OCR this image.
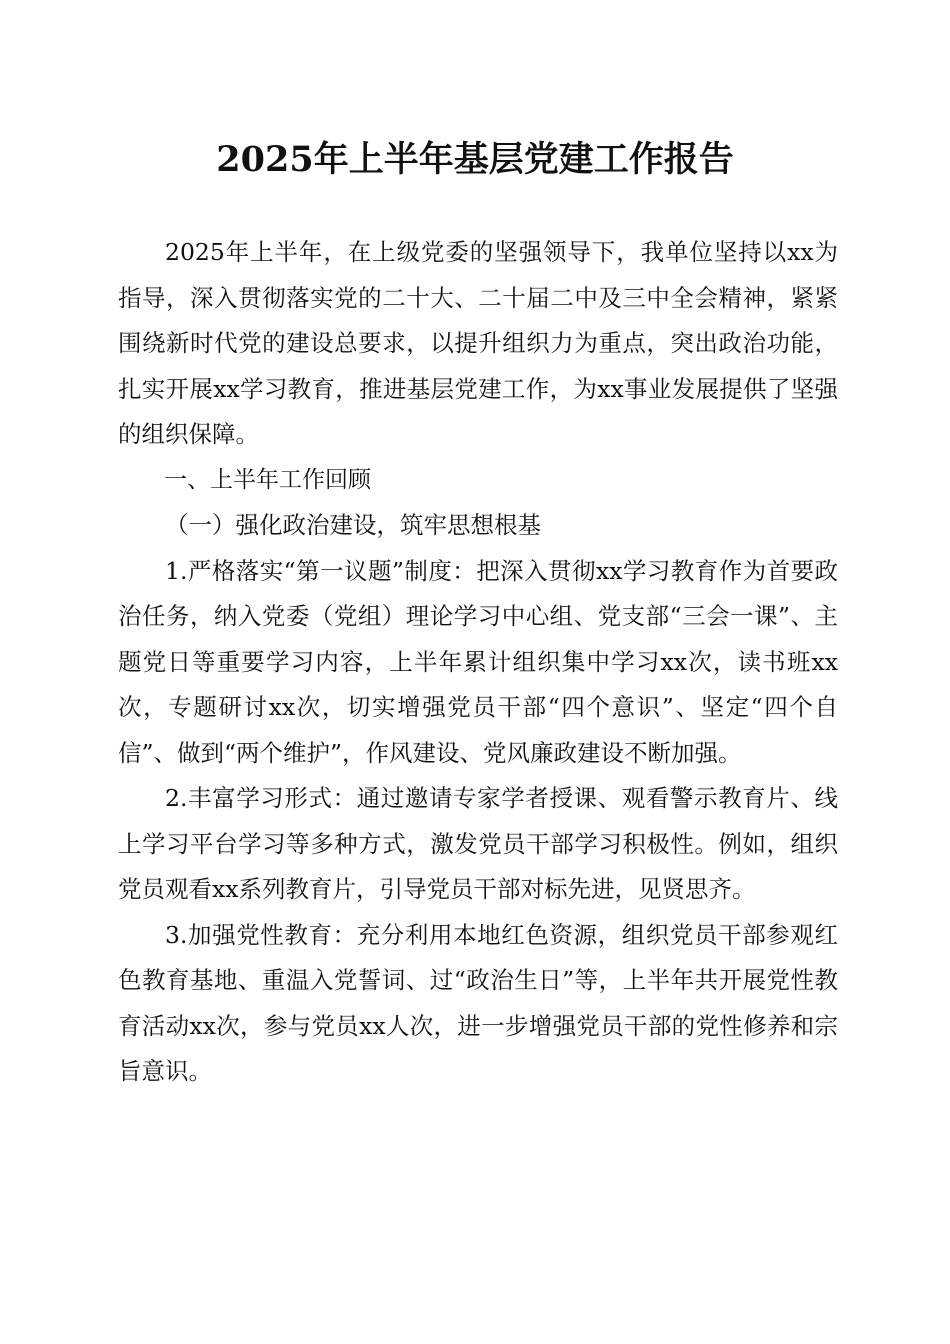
2025年上半年基层党建工作报告

2025年上半年，在上级党委的坚强领导下，我单位坚持以xx为指导，深入贯彻落实党的二十大、二十届二中及三中全会精神，紧紧围绕新时代党的建设总要求，以提升组织力为重点，突出政治功能，扎实开展xx学习教育，推进基层党建工作，为xx事业发展提供了坚强的组织保障。

一、上半年工作回顾

（一）强化政治建设，筑牢思想根基

1.严格落实“第一议题”制度：把深入贯彻xx学习教育作为首要政治任务，纳入党委（党组）理论学习中心组、党支部“三会一课”、主题党日等重要学习内容，上半年累计组织集中学习xx次，读书班xx次，专题研讨xx次，切实增强党员干部“四个意识”、坚定“四个自信”、做到“两个维护”，作风建设、党风廉政建设不断加强。

2.丰富学习形式：通过邀请专家学者授课、观看警示教育片、线上学习平台学习等多种方式，激发党员干部学习积极性。例如，组织党员观看xx系列教育片，引导党员干部对标先进，见贤思齐。

3.加强党性教育：充分利用本地红色资源，组织党员干部参观红色教育基地、重温入党誓词、过“政治生日”等，上半年共开展党性教育活动xx次，参与党员xx人次，进一步增强党员干部的党性修养和宗旨意识。
